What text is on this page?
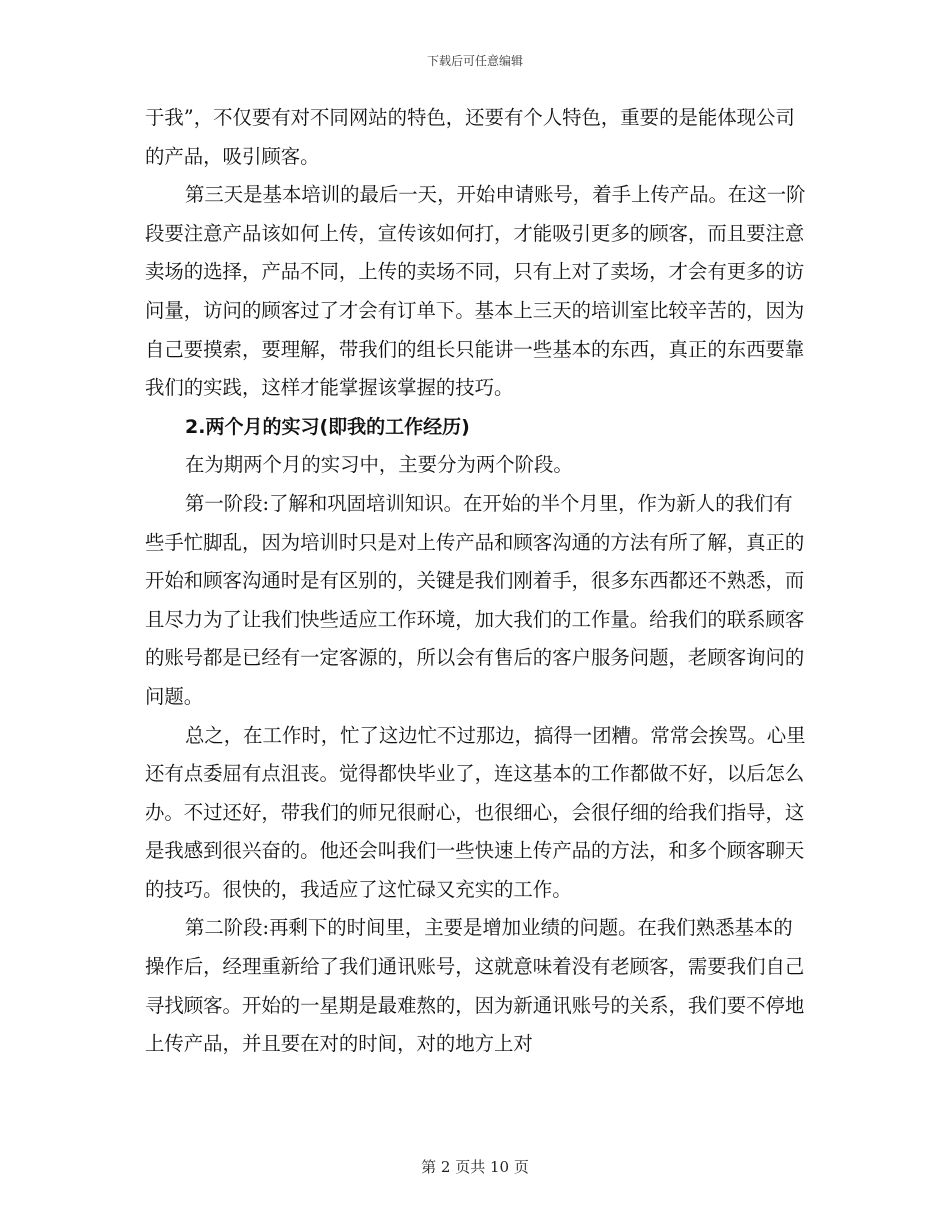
下载后可任意编辑

于我”，不仅要有对不同网站的特色，还要有个人特色，重要的是能体现公司的产品，吸引顾客。

第三天是基本培训的最后一天，开始申请账号，着手上传产品。在这一阶段要注意产品该如何上传，宣传该如何打，才能吸引更多的顾客，而且要注意卖场的选择，产品不同，上传的卖场不同，只有上对了卖场，才会有更多的访问量，访问的顾客过了才会有订单下。基本上三天的培训室比较辛苦的，因为自己要摸索，要理解，带我们的组长只能讲一些基本的东西，真正的东西要靠我们的实践，这样才能掌握该掌握的技巧。

2.两个月的实习(即我的工作经历)

在为期两个月的实习中，主要分为两个阶段。

第一阶段:了解和巩固培训知识。在开始的半个月里，作为新人的我们有些手忙脚乱，因为培训时只是对上传产品和顾客沟通的方法有所了解，真正的开始和顾客沟通时是有区别的，关键是我们刚着手，很多东西都还不熟悉，而且尽力为了让我们快些适应工作环境，加大我们的工作量。给我们的联系顾客的账号都是已经有一定客源的，所以会有售后的客户服务问题，老顾客询问的问题。

总之，在工作时，忙了这边忙不过那边，搞得一团糟。常常会挨骂。心里还有点委屈有点沮丧。觉得都快毕业了，连这基本的工作都做不好，以后怎么办。不过还好，带我们的师兄很耐心，也很细心，会很仔细的给我们指导，这是我感到很兴奋的。他还会叫我们一些快速上传产品的方法，和多个顾客聊天的技巧。很快的，我适应了这忙碌又充实的工作。

第二阶段:再剩下的时间里，主要是增加业绩的问题。在我们熟悉基本的操作后，经理重新给了我们通讯账号，这就意味着没有老顾客，需要我们自己寻找顾客。开始的一星期是最难熬的，因为新通讯账号的关系，我们要不停地上传产品，并且要在对的时间，对的地方上对

第 2 页共 10 页
